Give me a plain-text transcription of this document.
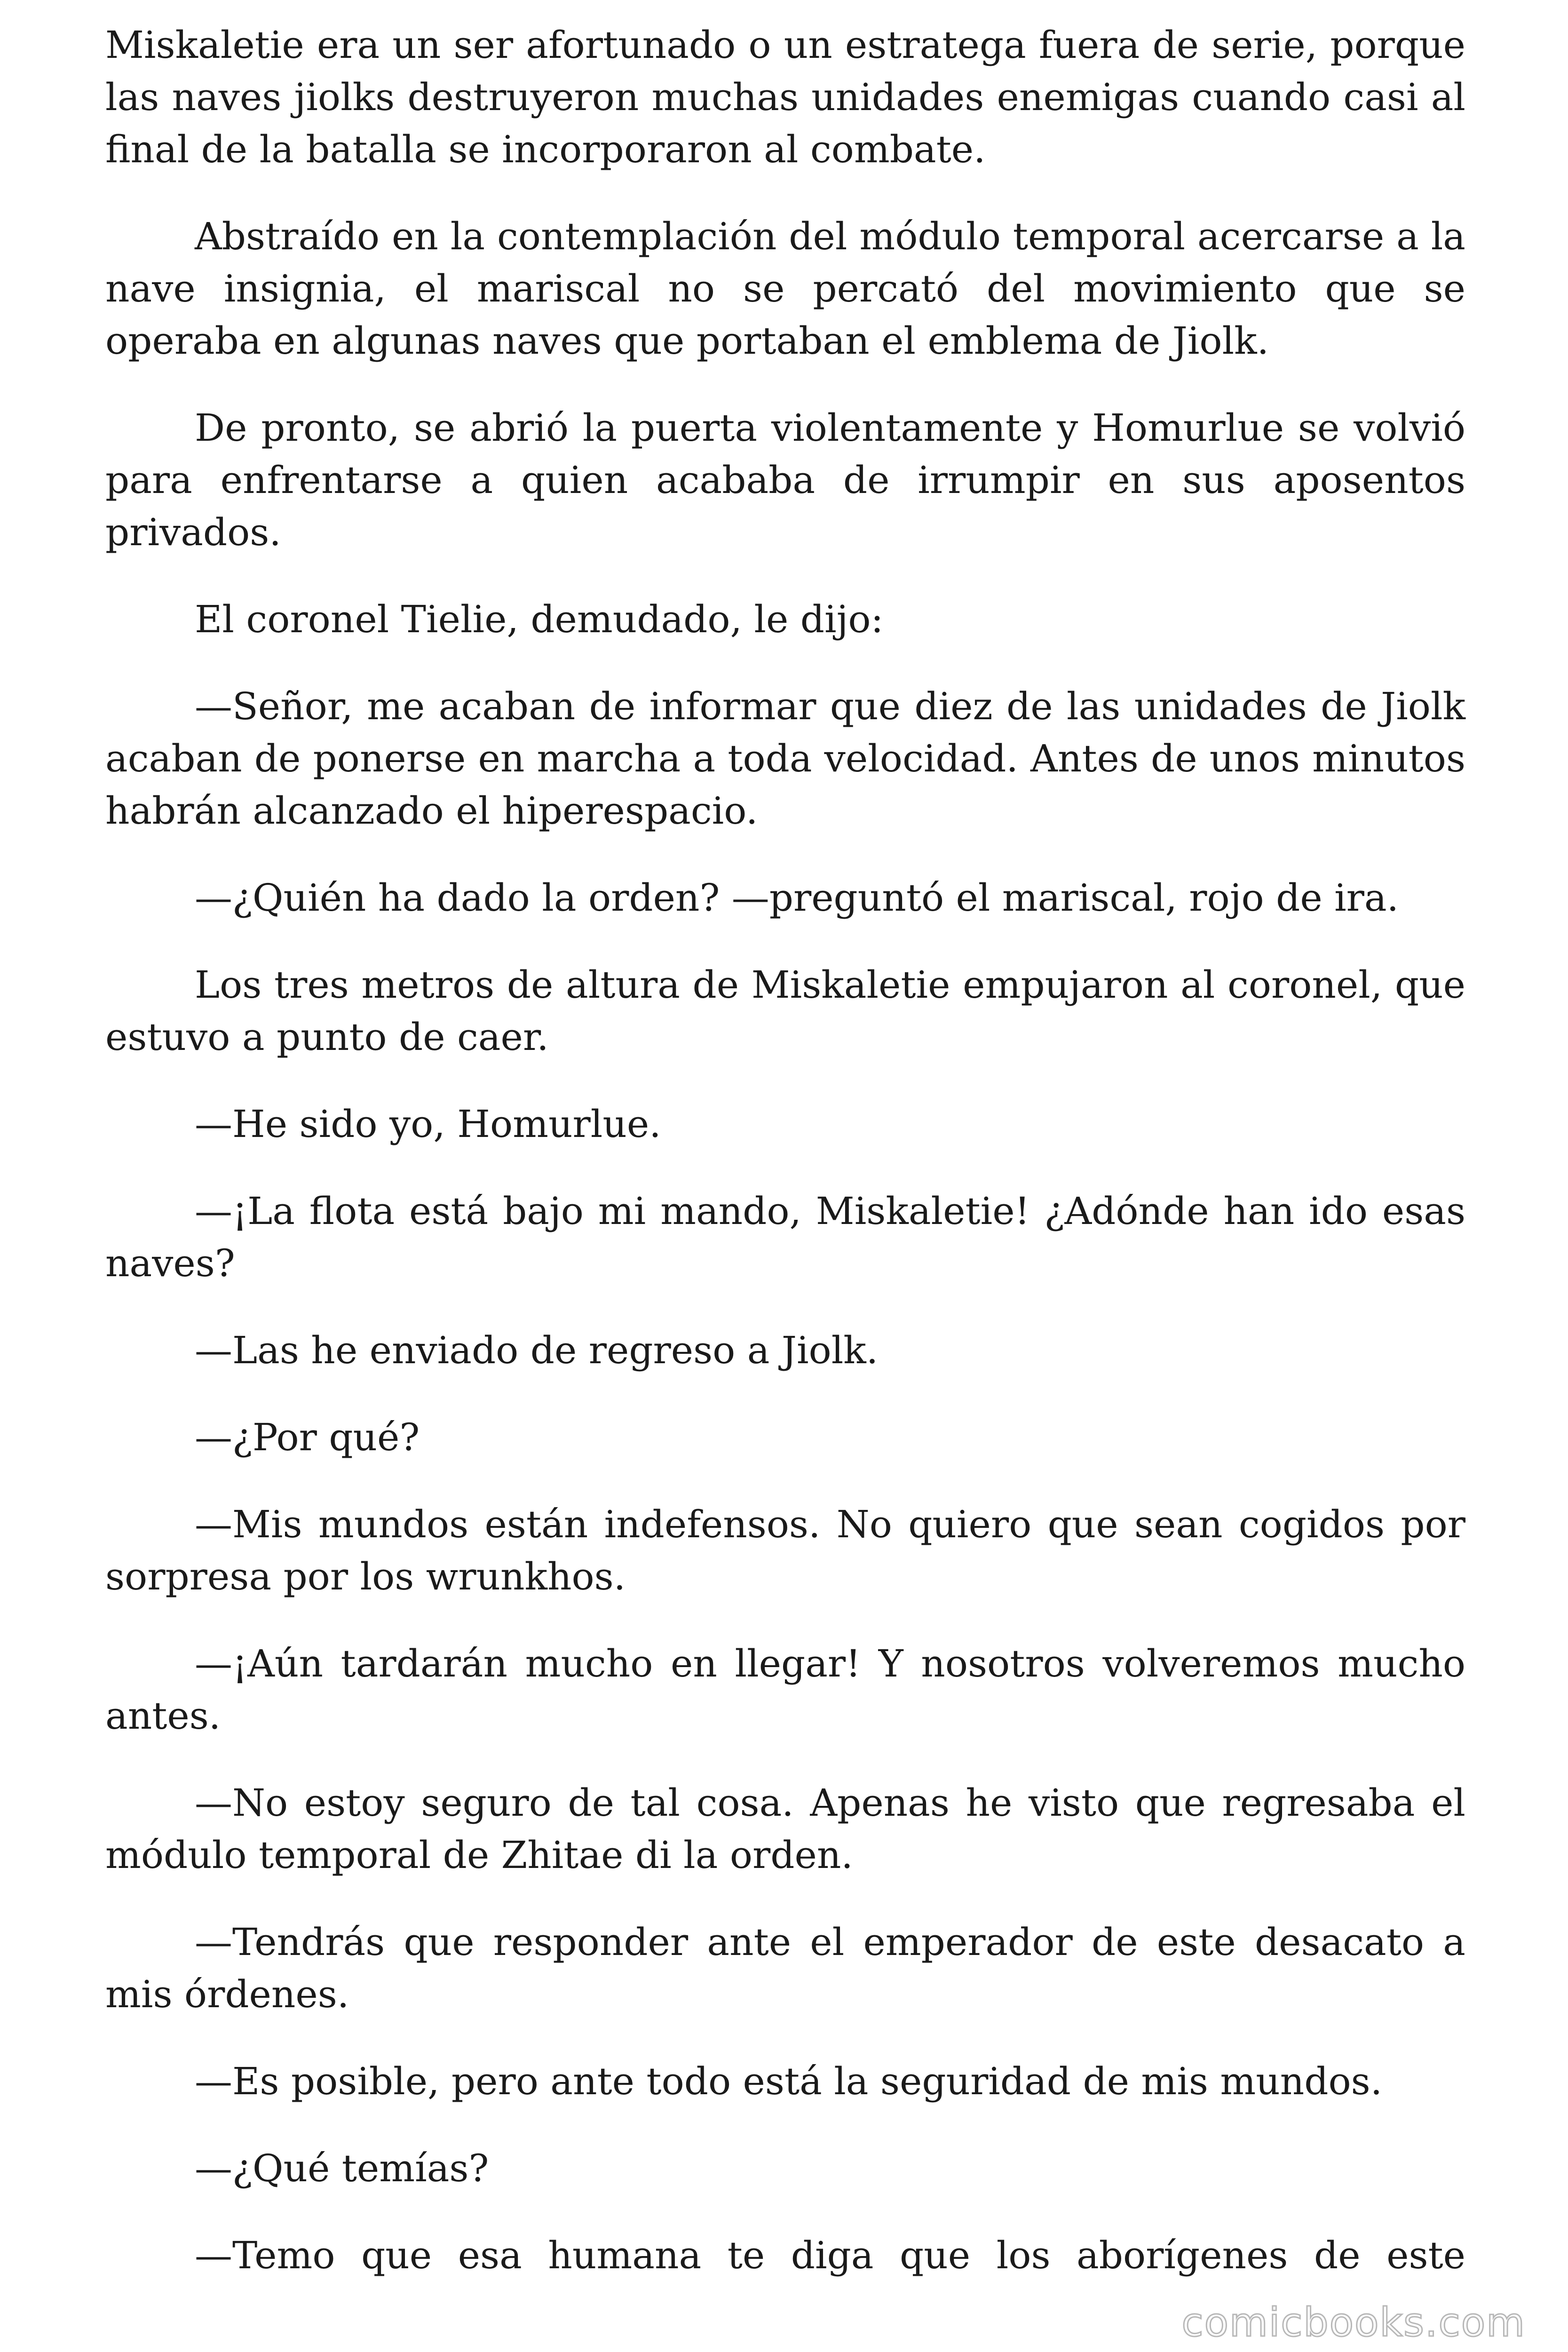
Miskaletie era un ser afortunado o un estratega fuera de serie, porque las naves jiolks destruyeron muchas unidades enemigas cuando casi al final de la batalla se incorporaron al combate.

Abstraído en la contemplación del módulo temporal acercarse a la nave insignia, el mariscal no se percató del movimiento que se operaba en algunas naves que portaban el emblema de Jiolk.

De pronto, se abrió la puerta violentamente y Homurlue se volvió para enfrentarse a quien acababa de irrumpir en sus aposentos privados.

El coronel Tielie, demudado, le dijo:

—Señor, me acaban de informar que diez de las unidades de Jiolk acaban de ponerse en marcha a toda velocidad. Antes de unos minutos habrán alcanzado el hiperespacio.

—¿Quién ha dado la orden? —preguntó el mariscal, rojo de ira.

Los tres metros de altura de Miskaletie empujaron al coronel, que estuvo a punto de caer.

—He sido yo, Homurlue.

—¡La flota está bajo mi mando, Miskaletie! ¿Adónde han ido esas naves?

—Las he enviado de regreso a Jiolk.

—¿Por qué?

—Mis mundos están indefensos. No quiero que sean cogidos por sorpresa por los wrunkhos.

—¡Aún tardarán mucho en llegar! Y nosotros volveremos mucho antes.

—No estoy seguro de tal cosa. Apenas he visto que regresaba el módulo temporal de Zhitae di la orden.

—Tendrás que responder ante el emperador de este desacato a mis órdenes.

—Es posible, pero ante todo está la seguridad de mis mundos.

—¿Qué temías?

—Temo que esa humana te diga que los aborígenes de este

comicbooks.com
